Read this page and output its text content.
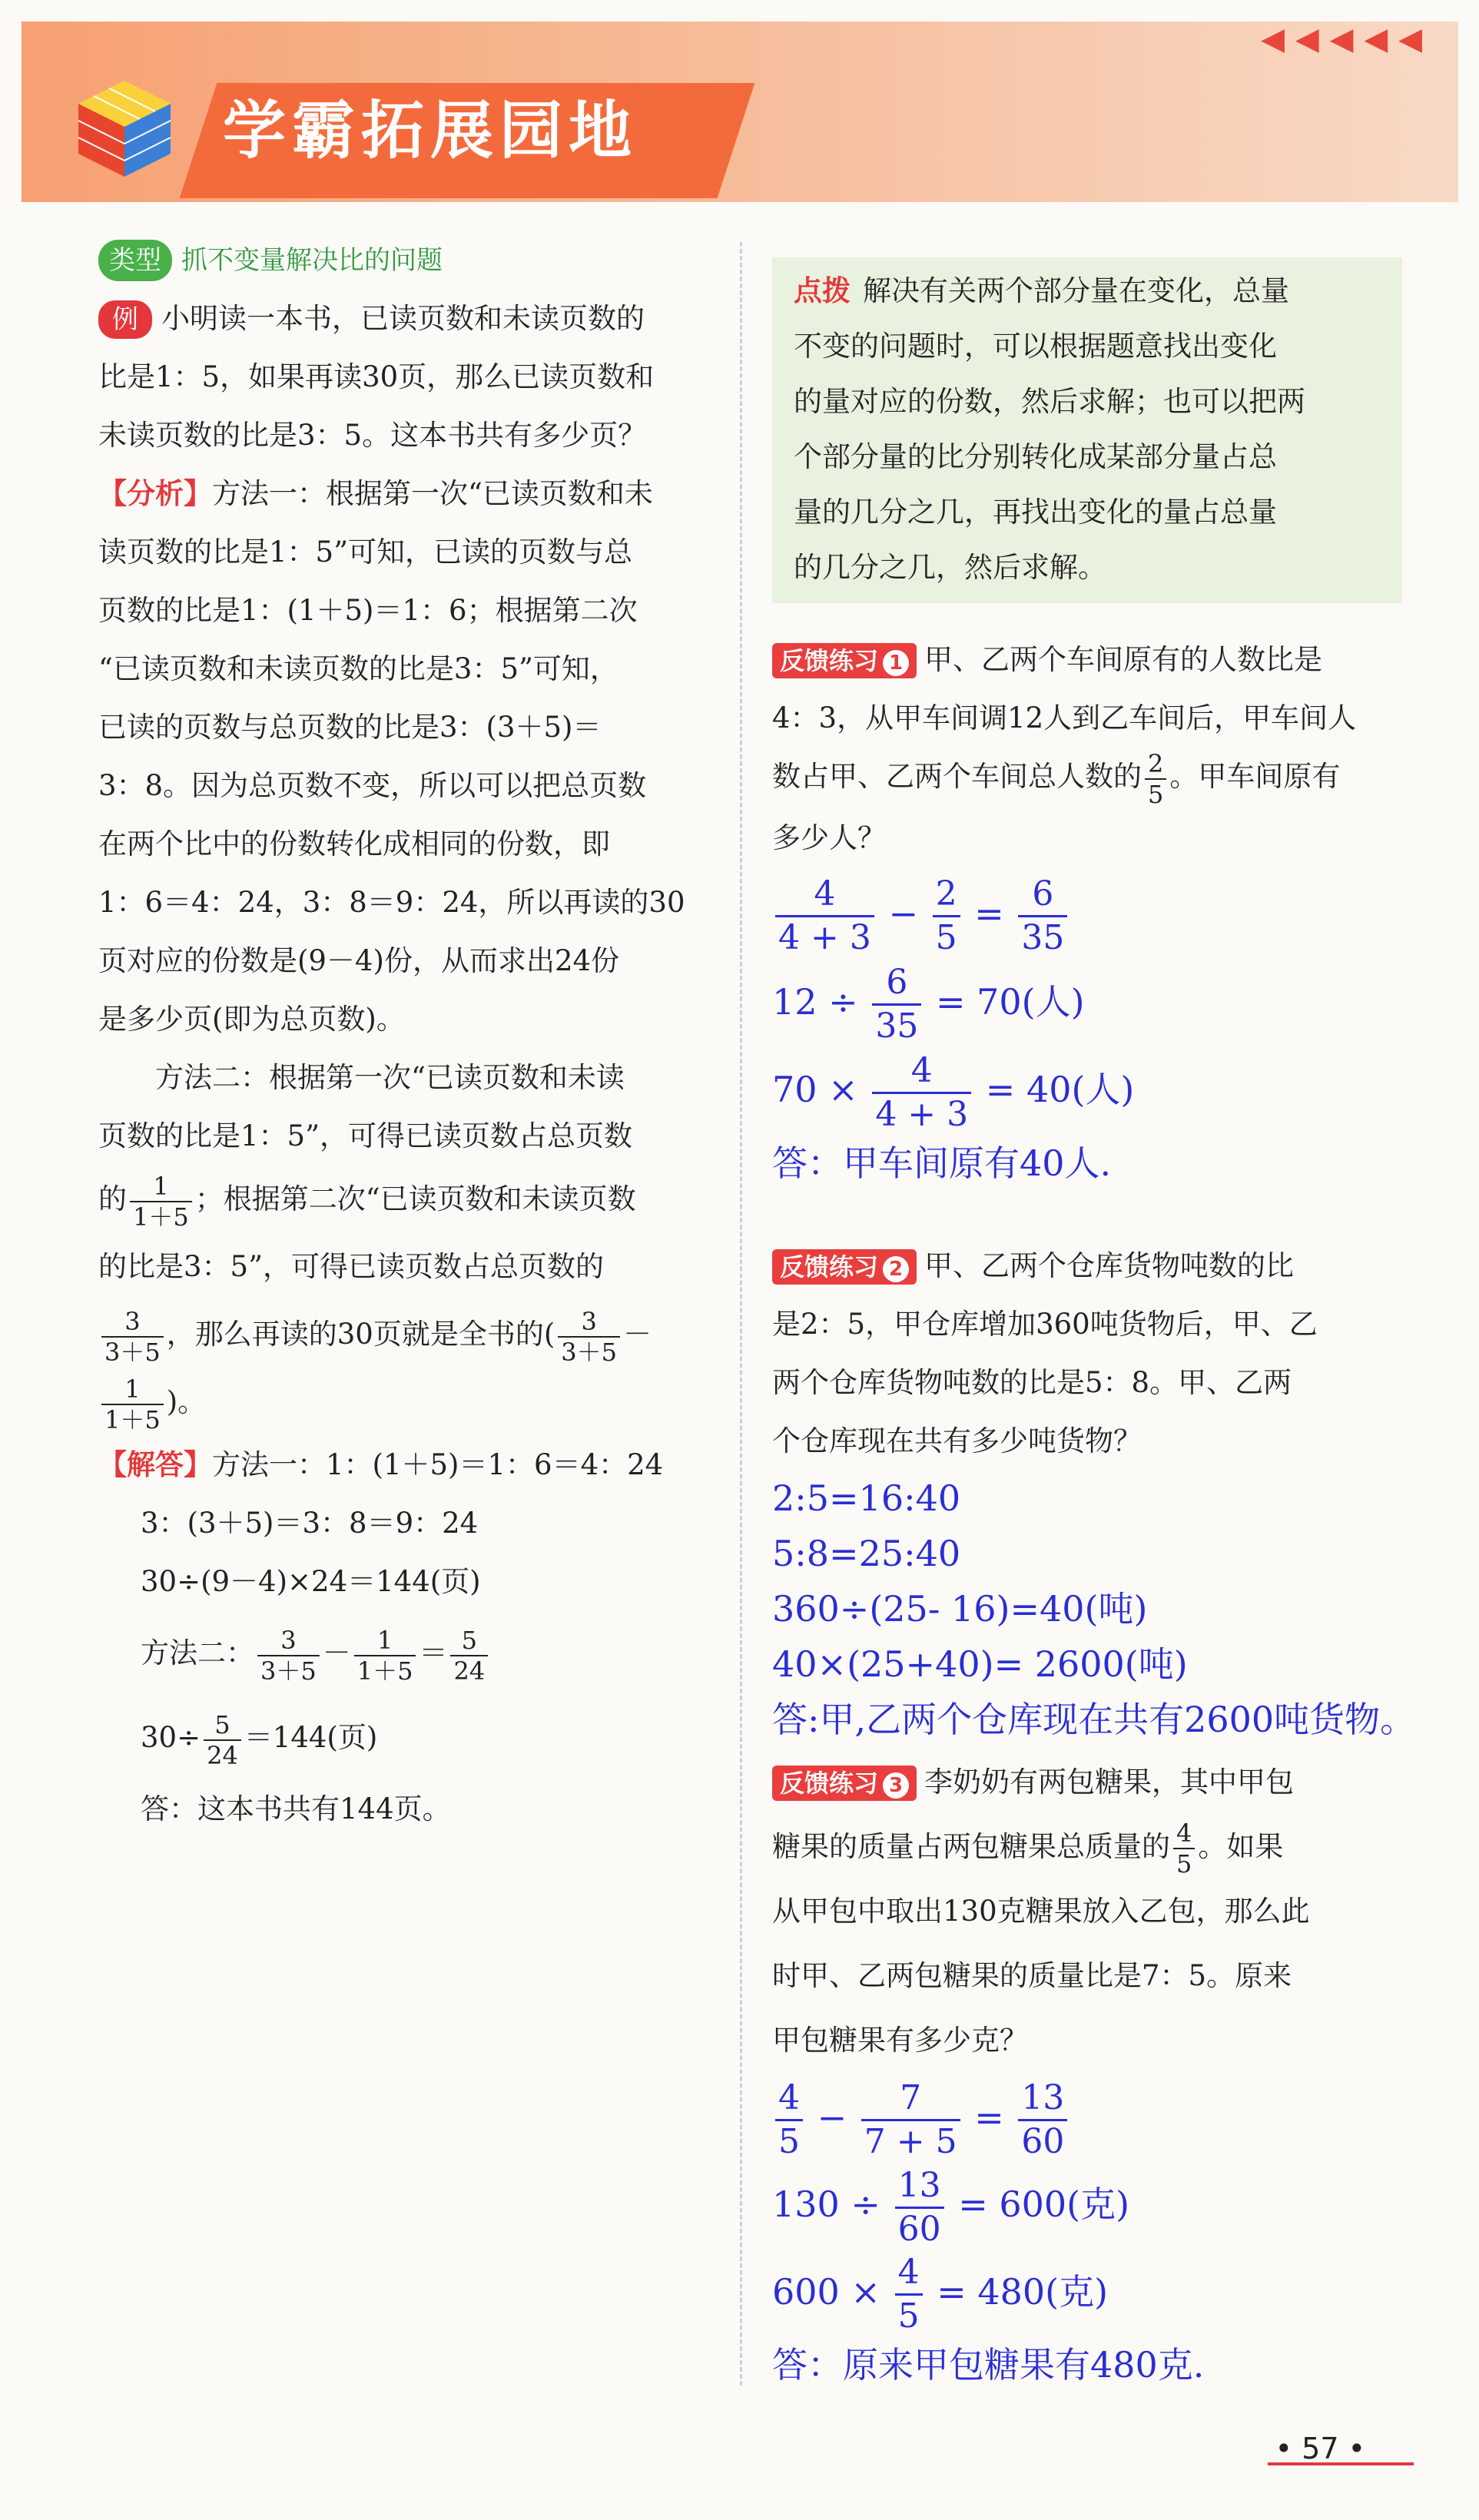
学霸拓展园地
◀◀◀◀◀

类型 抓不变量解决比的问题

例 小明读一本书，已读页数和未读页数的
比是1：5，如果再读30页，那么已读页数和
未读页数的比是3：5。这本书共有多少页？

【分析】方法一：根据第一次“已读页数和未
读页数的比是1：5”可知，已读的页数与总
页数的比是1：(1＋5)＝1：6；根据第二次
“已读页数和未读页数的比是3：5”可知，
已读的页数与总页数的比是3：(3＋5)＝
3：8。因为总页数不变，所以可以把总页数
在两个比中的份数转化成相同的份数，即
1：6＝4：24，3：8＝9：24，所以再读的30
页对应的份数是(9－4)份，从而求出24份
是多少页(即为总页数)。

方法二：根据第一次“已读页数和未读
页数的比是1：5”，可得已读页数占总页数

的 $\frac{1}{1+5}$ ；根据第二次“已读页数和未读页数
的比是3：5”，可得已读页数占总页数的

$\frac{3}{3+5}$ ，那么再读的30页就是全书的( $\frac{3}{3+5}$ －

$\frac{1}{1+5}$ )。

【解答】方法一：1：(1＋5)＝1：6＝4：24

3：(3＋5)＝3：8＝9：24

30÷(9－4)×24＝144(页)

方法二： $\frac{3}{3+5} - \frac{1}{1+5} = \frac{5}{24}$

$30\div \frac{5}{24} =144$(页)

答：这本书共有144页。

点拨 解决有关两个部分量在变化，总量
不变的问题时，可以根据题意找出变化
的量对应的份数，然后求解；也可以把两
个部分量的比分别转化成某部分量占总
量的几分之几，再找出变化的量占总量
的几分之几，然后求解。

反馈练习 1 甲、乙两个车间原有的人数比是
4：3，从甲车间调12人到乙车间后，甲车间人
数占甲、乙两个车间总人数的 $\frac{2}{5}$ 。甲车间原有
多少人？

$\frac{4}{4 + 3} - \frac{2}{5} = \frac{6}{35}$

$12 \div \frac{6}{35} = 70$(人)

$70 \times \frac{4}{4 + 3} = 40$(人)

答：甲车间原有40人.

反馈练习 2 甲、乙两个仓库货物吨数的比
是2：5，甲仓库增加360吨货物后，甲、乙
两个仓库货物吨数的比是5：8。甲、乙两
个仓库现在共有多少吨货物？

2:5=16:40

5:8=25:40

360÷(25- 16)=40(吨)

40×(25+40)= 2600(吨)

答:甲,乙两个仓库现在共有2600吨货物。

反馈练习 3 李奶奶有两包糖果，其中甲包
糖果的质量占两包糖果总质量的 $\frac{4}{5}$ 。如果
从甲包中取出130克糖果放入乙包，那么此
时甲、乙两包糖果的质量比是7：5。原来
甲包糖果有多少克？

$\frac{4}{5} - \frac{7}{7 + 5} = \frac{13}{60}$

$130 \div \frac{13}{60} = 600$(克)

$600 \times \frac{4}{5} = 480$(克)

答：原来甲包糖果有480克.

• 57 •
